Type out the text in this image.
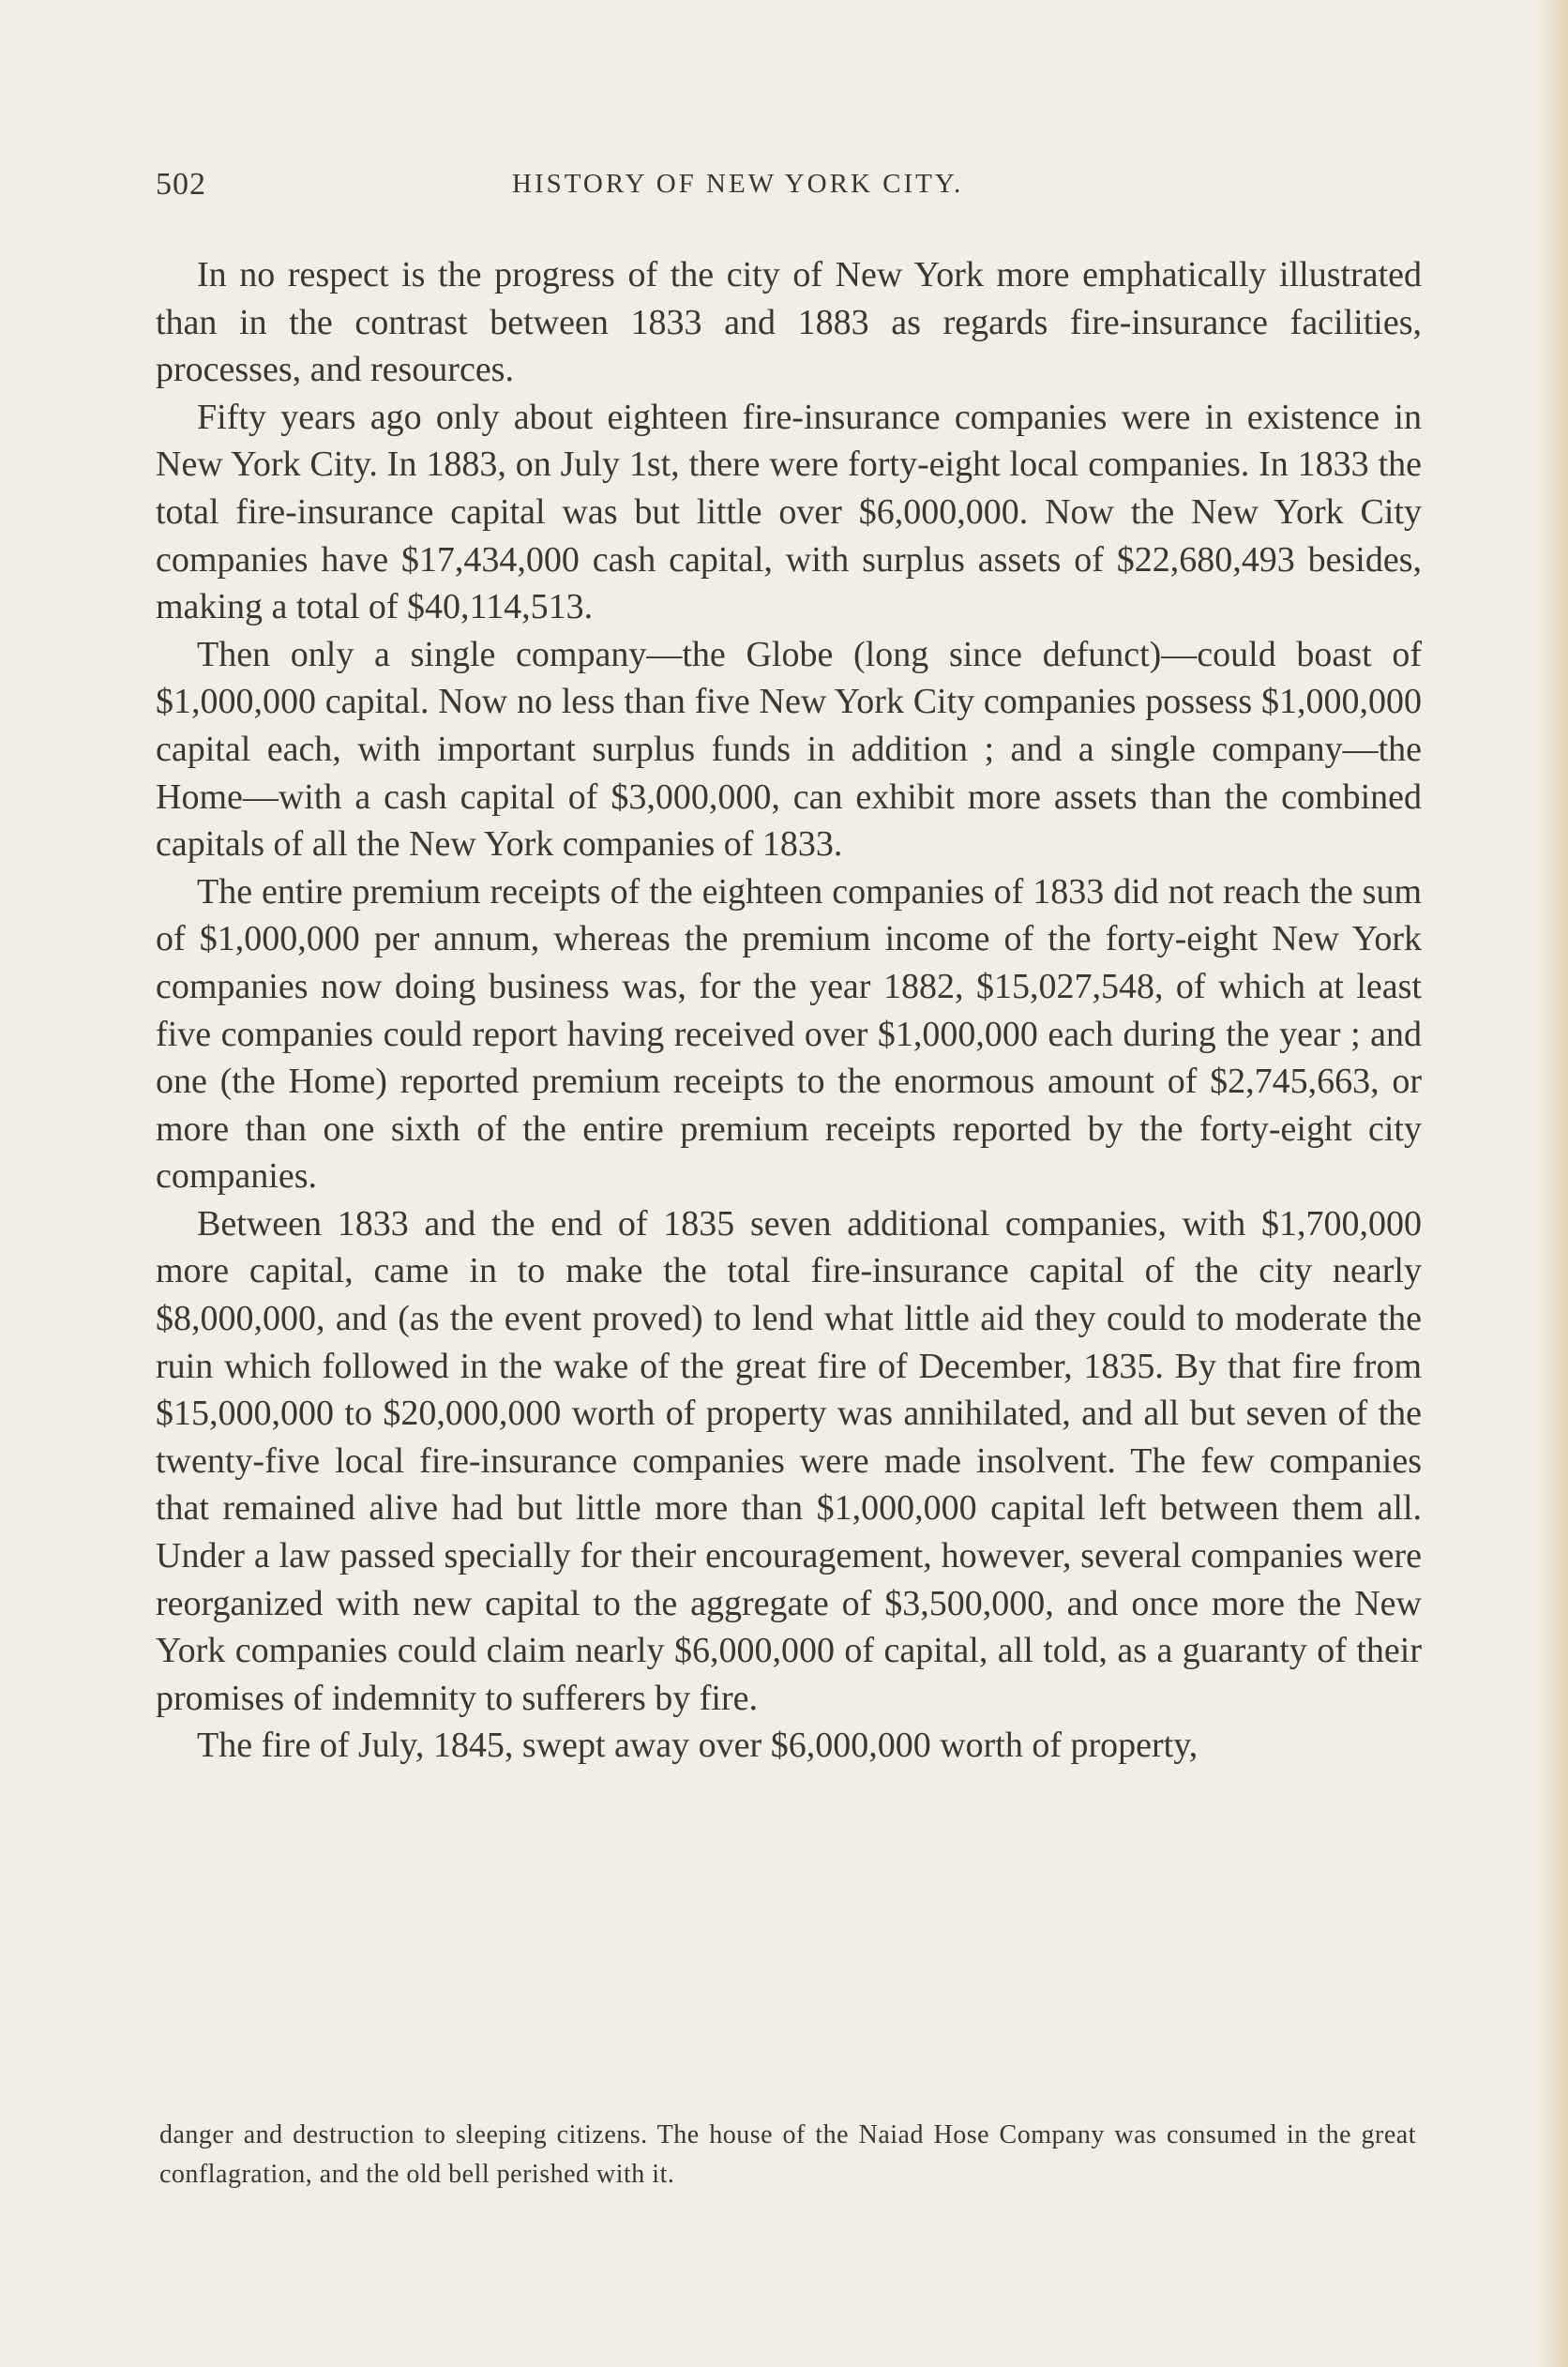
502	HISTORY OF NEW YORK CITY.

In no respect is the progress of the city of New York more emphatically illustrated than in the contrast between 1833 and 1883 as regards fire-insurance facilities, processes, and resources.

Fifty years ago only about eighteen fire-insurance companies were in existence in New York City. In 1883, on July 1st, there were forty-eight local companies. In 1833 the total fire-insurance capital was but little over $6,000,000. Now the New York City companies have $17,434,000 cash capital, with surplus assets of $22,680,493 besides, making a total of $40,114,513.

Then only a single company—the Globe (long since defunct)—could boast of $1,000,000 capital. Now no less than five New York City companies possess $1,000,000 capital each, with important surplus funds in addition ; and a single company—the Home—with a cash capital of $3,000,000, can exhibit more assets than the combined capitals of all the New York companies of 1833.

The entire premium receipts of the eighteen companies of 1833 did not reach the sum of $1,000,000 per annum, whereas the premium income of the forty-eight New York companies now doing business was, for the year 1882, $15,027,548, of which at least five companies could report having received over $1,000,000 each during the year ; and one (the Home) reported premium receipts to the enormous amount of $2,745,663, or more than one sixth of the entire premium receipts reported by the forty-eight city companies.

Between 1833 and the end of 1835 seven additional companies, with $1,700,000 more capital, came in to make the total fire-insurance capital of the city nearly $8,000,000, and (as the event proved) to lend what little aid they could to moderate the ruin which followed in the wake of the great fire of December, 1835. By that fire from $15,000,000 to $20,000,000 worth of property was annihilated, and all but seven of the twenty-five local fire-insurance companies were made insolvent. The few companies that remained alive had but little more than $1,000,000 capital left between them all. Under a law passed specially for their encouragement, however, several companies were reorganized with new capital to the aggregate of $3,500,000, and once more the New York companies could claim nearly $6,000,000 of capital, all told, as a guaranty of their promises of indemnity to sufferers by fire.

The fire of July, 1845, swept away over $6,000,000 worth of property,

danger and destruction to sleeping citizens. The house of the Naiad Hose Company was consumed in the great conflagration, and the old bell perished with it.
